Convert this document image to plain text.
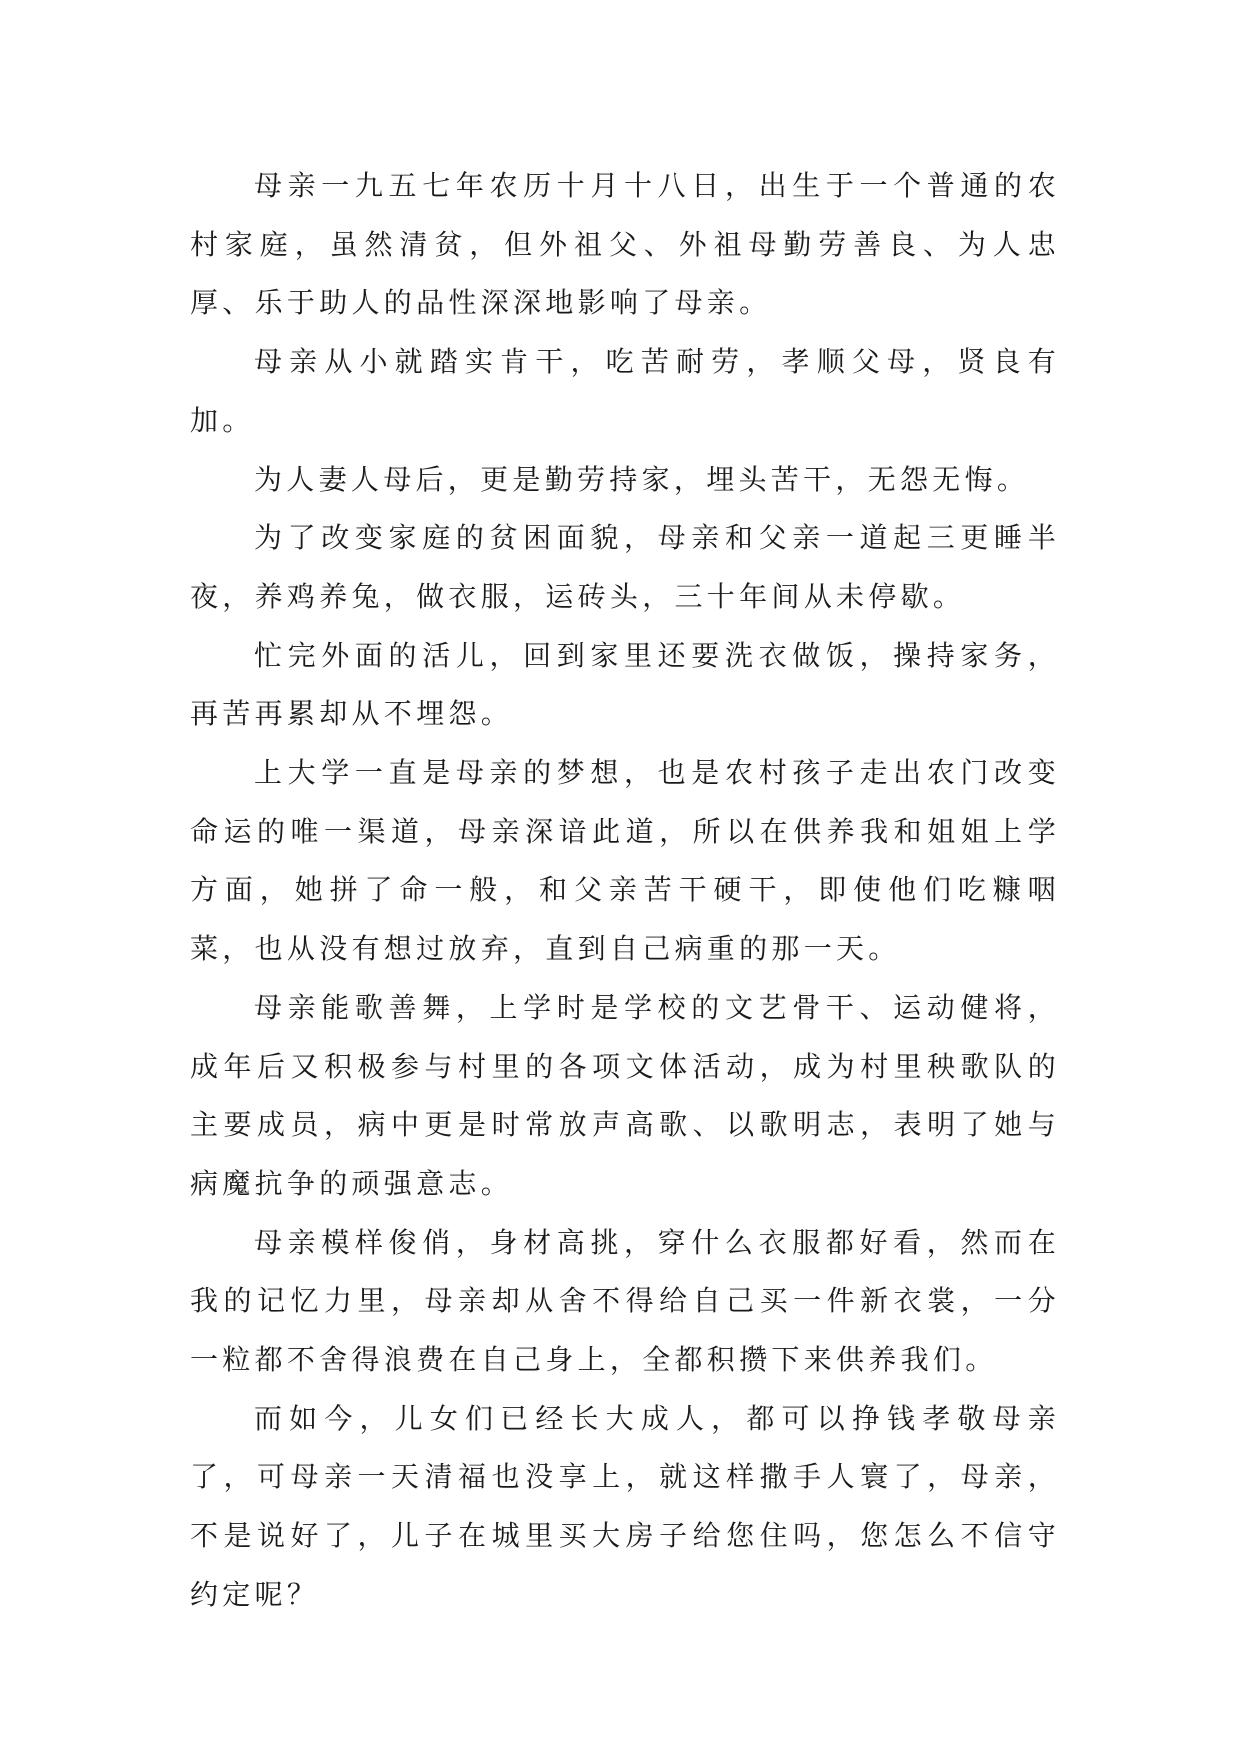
母亲一九五七年农历十月十八日，出生于一个普通的农村家庭，虽然清贫，但外祖父、外祖母勤劳善良、为人忠厚、乐于助人的品性深深地影响了母亲。

母亲从小就踏实肯干，吃苦耐劳，孝顺父母，贤良有加。

为人妻人母后，更是勤劳持家，埋头苦干，无怨无悔。

为了改变家庭的贫困面貌，母亲和父亲一道起三更睡半夜，养鸡养兔，做衣服，运砖头，三十年间从未停歇。

忙完外面的活儿，回到家里还要洗衣做饭，操持家务，再苦再累却从不埋怨。

上大学一直是母亲的梦想，也是农村孩子走出农门改变命运的唯一渠道，母亲深谙此道，所以在供养我和姐姐上学方面，她拼了命一般，和父亲苦干硬干，即使他们吃糠咽菜，也从没有想过放弃，直到自己病重的那一天。

母亲能歌善舞，上学时是学校的文艺骨干、运动健将，成年后又积极参与村里的各项文体活动，成为村里秧歌队的主要成员，病中更是时常放声高歌、以歌明志，表明了她与病魔抗争的顽强意志。

母亲模样俊俏，身材高挑，穿什么衣服都好看，然而在我的记忆力里，母亲却从舍不得给自己买一件新衣裳，一分一粒都不舍得浪费在自己身上，全都积攒下来供养我们。

而如今，儿女们已经长大成人，都可以挣钱孝敬母亲了，可母亲一天清福也没享上，就这样撒手人寰了，母亲，不是说好了，儿子在城里买大房子给您住吗，您怎么不信守约定呢？
